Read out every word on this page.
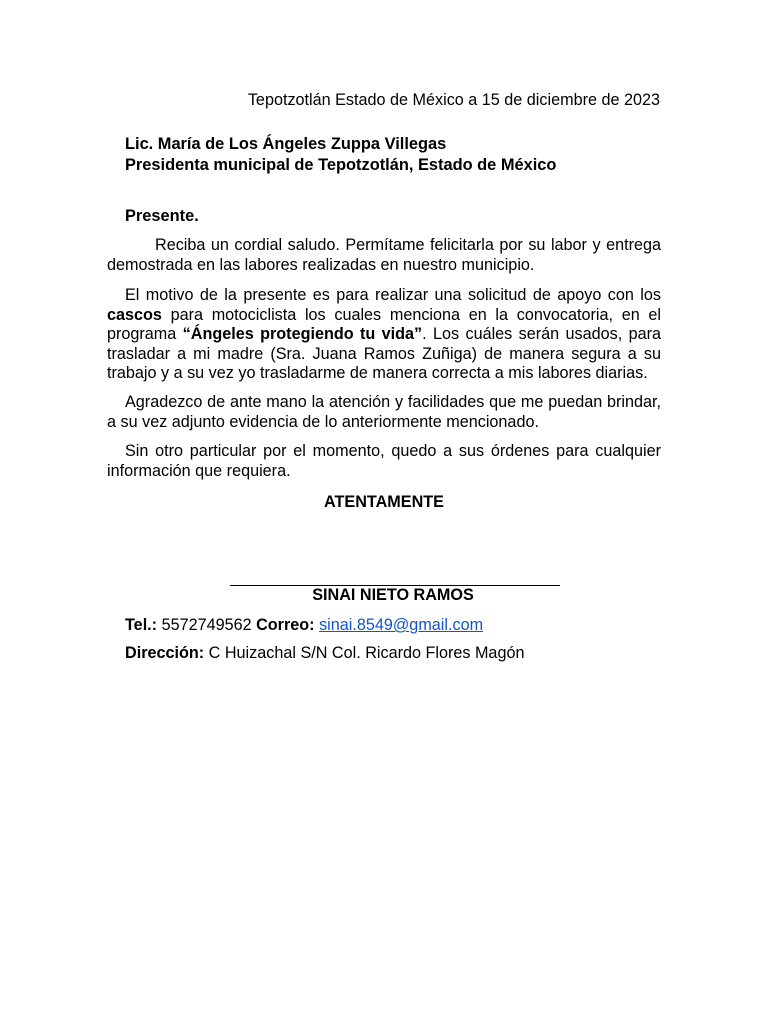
Tepotzotlán Estado de México a 15 de diciembre de 2023
Lic. María de Los Ángeles Zuppa Villegas
Presidenta municipal de Tepotzotlán, Estado de México
Presente.
Reciba un cordial saludo. Permítame felicitarla por su labor y entrega demostrada en las labores realizadas en nuestro municipio.
El motivo de la presente es para realizar una solicitud de apoyo con los cascos para motociclista los cuales menciona en la convocatoria, en el programa “Ángeles protegiendo tu vida”. Los cuáles serán usados, para trasladar a mi madre (Sra. Juana Ramos Zuñiga) de manera segura a su trabajo y a su vez yo trasladarme de manera correcta a mis labores diarias.
Agradezco de ante mano la atención y facilidades que me puedan brindar, a su vez adjunto evidencia de lo anteriormente mencionado.
Sin otro particular por el momento, quedo a sus órdenes para cualquier información que requiera.
ATENTAMENTE
SINAI NIETO RAMOS
Tel.: 5572749562 Correo: sinai.8549@gmail.com
Dirección: C Huizachal S/N Col. Ricardo Flores Magón
